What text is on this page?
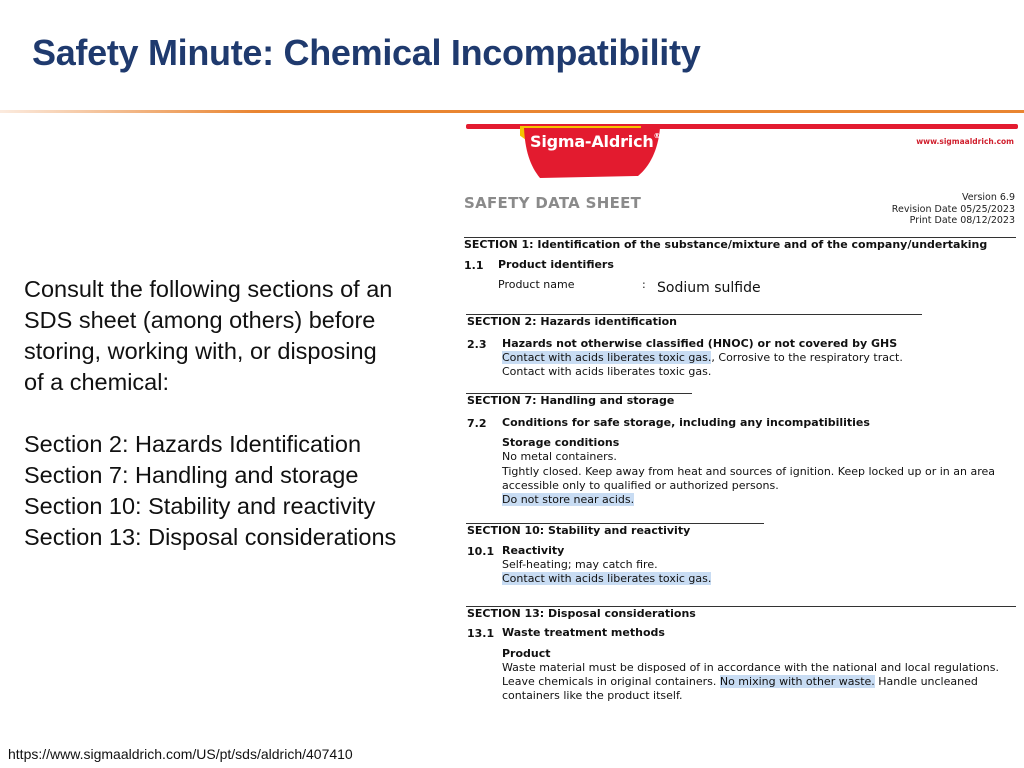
Safety Minute: Chemical Incompatibility
Consult the following sections of an
SDS sheet (among others) before
storing, working with, or disposing
of a chemical:
Section 2: Hazards Identification
Section 7: Handling and storage
Section 10: Stability and reactivity
Section 13: Disposal considerations
https://www.sigmaaldrich.com/US/pt/sds/aldrich/407410
Sigma-Aldrich®
www.sigmaaldrich.com
SAFETY DATA SHEET	Version 6.9
Revision Date 05/25/2023
Print Date 08/12/2023
SECTION 1: Identification of the substance/mixture and of the company/undertaking
1.1 Product identifiers
Product name	: Sodium sulfide
SECTION 2: Hazards identification
2.3 Hazards not otherwise classified (HNOC) or not covered by GHS
Contact with acids liberates toxic gas., Corrosive to the respiratory tract.
Contact with acids liberates toxic gas.
SECTION 7: Handling and storage
7.2 Conditions for safe storage, including any incompatibilities
Storage conditions
No metal containers.
Tightly closed. Keep away from heat and sources of ignition. Keep locked up or in an area
accessible only to qualified or authorized persons.
Do not store near acids.
SECTION 10: Stability and reactivity
10.1 Reactivity
Self-heating; may catch fire.
Contact with acids liberates toxic gas.
SECTION 13: Disposal considerations
13.1 Waste treatment methods
Product
Waste material must be disposed of in accordance with the national and local regulations.
Leave chemicals in original containers. No mixing with other waste. Handle uncleaned
containers like the product itself.
